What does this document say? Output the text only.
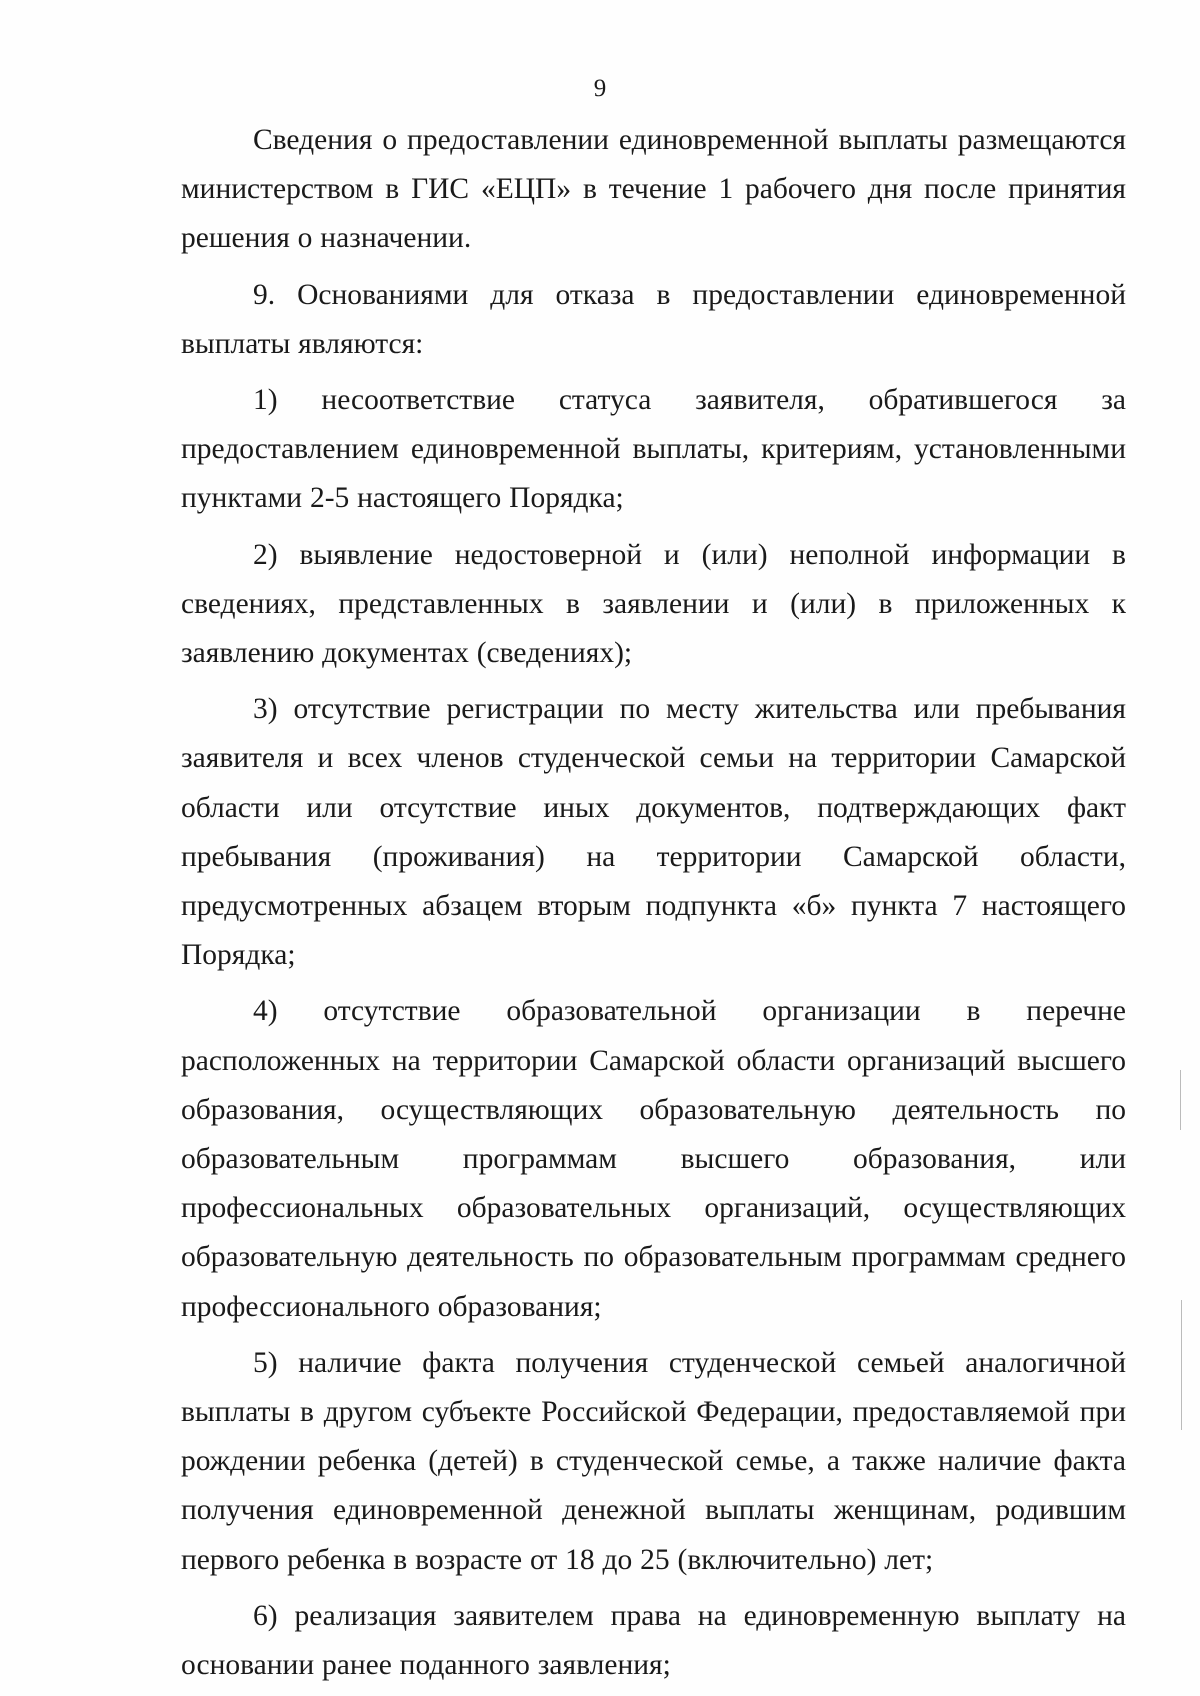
9

Сведения о предоставлении единовременной выплаты размещаются министерством в ГИС «ЕЦП» в течение 1 рабочего дня после принятия решения о назначении.

9. Основаниями для отказа в предоставлении единовременной выплаты являются:

1) несоответствие статуса заявителя, обратившегося за предоставлением единовременной выплаты, критериям, установленными пунктами 2-5 настоящего Порядка;

2) выявление недостоверной и (или) неполной информации в сведениях, представленных в заявлении и (или) в приложенных к заявлению документах (сведениях);

3) отсутствие регистрации по месту жительства или пребывания заявителя и всех членов студенческой семьи на территории Самарской области или отсутствие иных документов, подтверждающих факт пребывания (проживания) на территории Самарской области, предусмотренных абзацем вторым подпункта «б» пункта 7 настоящего Порядка;

4) отсутствие образовательной организации в перечне расположенных на территории Самарской области организаций высшего образования, осуществляющих образовательную деятельность по образовательным программам высшего образования, или профессиональных образовательных организаций, осуществляющих образовательную деятельность по образовательным программам среднего профессионального образования;

5) наличие факта получения студенческой семьей аналогичной выплаты в другом субъекте Российской Федерации, предоставляемой при рождении ребенка (детей) в студенческой семье, а также наличие факта получения единовременной денежной выплаты женщинам, родившим первого ребенка в возрасте от 18 до 25 (включительно) лет;

6) реализация заявителем права на единовременную выплату на основании ранее поданного заявления;
